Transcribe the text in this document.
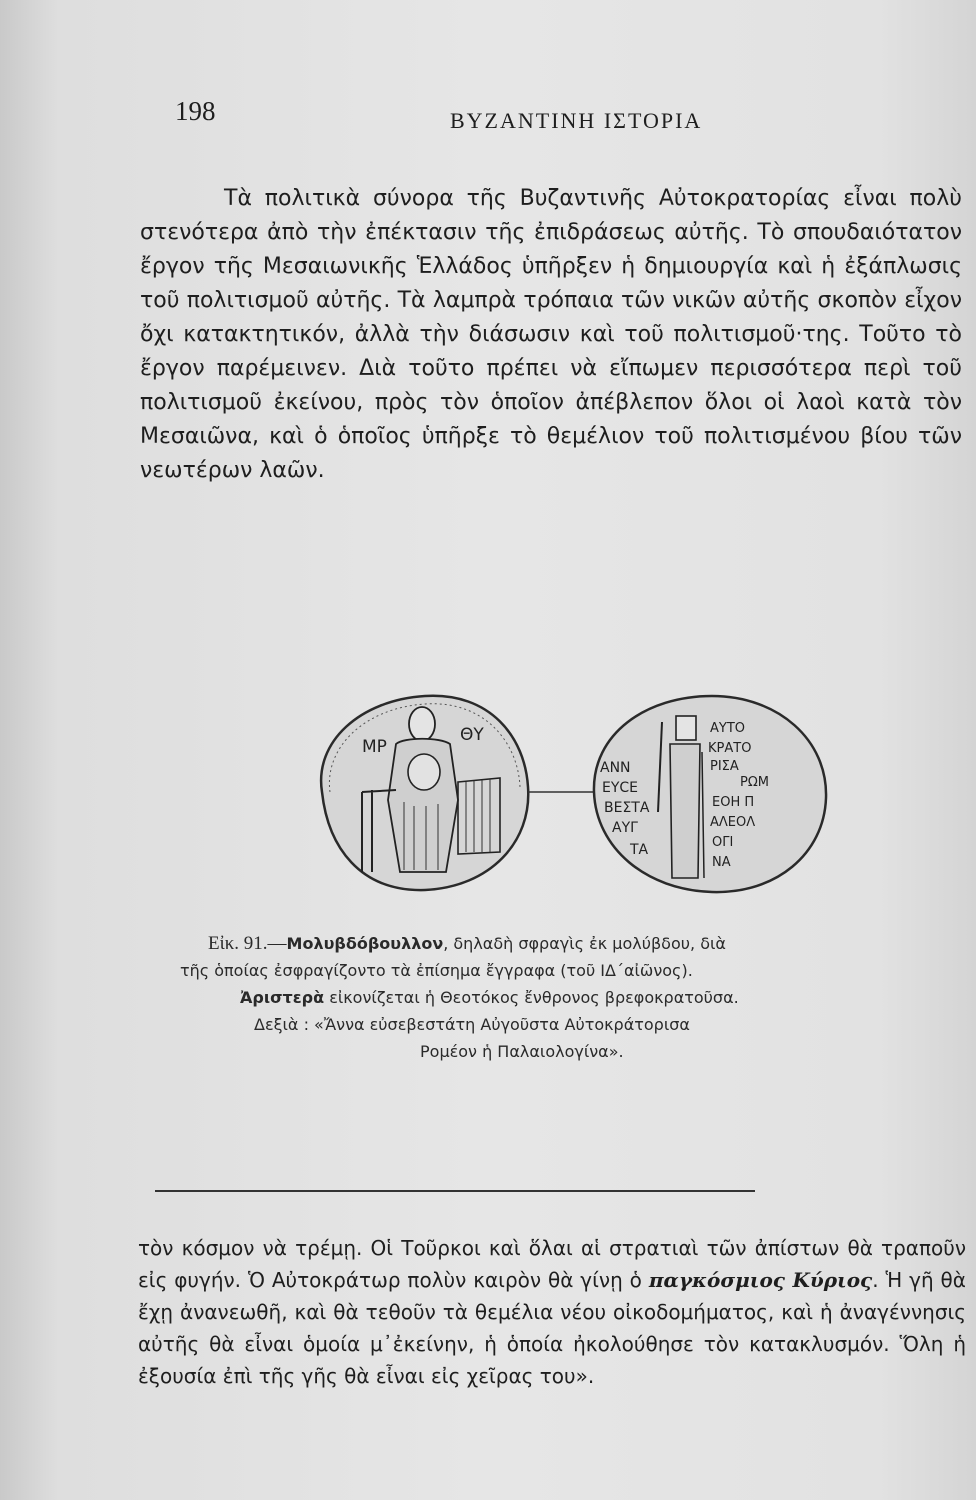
198	ΒΥΖΑΝΤΙΝΗ ΙΣΤΟΡΙΑ

Τὰ πολιτικὰ σύνορα τῆς Βυζαντινῆς Αὐτοκρατορίας εἶναι πολὺ στενότερα ἀπὸ τὴν ἐπέκτασιν τῆς ἐπιδράσεως αὐτῆς. Τὸ σπουδαιότατον ἔργον τῆς Μεσαιωνικῆς Ἑλλάδος ὑπῆρξεν ἡ δημιουργία καὶ ἡ ἐξάπλωσις τοῦ πολιτισμοῦ αὐτῆς. Τὰ λαμπρὰ τρόπαια τῶν νικῶν αὐτῆς σκοπὸν εἶχον ὄχι κατακτητικόν, ἀλλὰ τὴν διάσωσιν καὶ τοῦ πολιτισμοῦ·της. Τοῦτο τὸ ἔργον παρέμεινεν. Διὰ τοῦτο πρέπει νὰ εἴπωμεν περισσότερα περὶ τοῦ πολιτισμοῦ ἐκείνου, πρὸς τὸν ὁποῖον ἀπέβλεπον ὅλοι οἱ λαοὶ κατὰ τὸν Μεσαιῶνα, καὶ ὁ ὁποῖος ὑπῆρξε τὸ θεμέλιον τοῦ πολιτισμένου βίου τῶν νεωτέρων λαῶν.

ΜΡ
ΘΥ
ΑΝΝ
ΕΥCΕ
ΒΕΣΤΑ
ΑΥΓ
ΤΑ
ΑΥΤΟ
ΚΡΑΤΟ
ΡΙΣΑ
ΡΩΜ
ΕΟΗ Π
ΑΛΕΟΛ
ΟΓΙ
ΝΑ
Εἰκ. 91.—Μολυβδόβουλλον, δηλαδὴ σφραγὶς ἐκ μολύβδου, διὰ
τῆς ὁποίας ἐσφραγίζοντο τὰ ἐπίσημα ἔγγραφα (τοῦ ΙΔ´αἰῶνος).
Ἀριστερὰ εἰκονίζεται ἡ Θεοτόκος ἔνθρονος βρεφοκρατοῦσα.
Δεξιὰ : «Ἄννα εὐσεβεστάτη Αὐγοῦστα Αὐτοκράτορισα
Ρομέον ἡ Παλαιολογίνα».

τὸν κόσμον νὰ τρέμῃ. Οἱ Τοῦρκοι καὶ ὅλαι αἱ στρατιαὶ τῶν ἀπίστων θὰ τραποῦν εἰς φυγήν. Ὁ Αὐτοκράτωρ πολὺν καιρὸν θὰ γίνῃ ὁ παγκόσμιος Κύριος. Ἡ γῆ θὰ ἔχῃ ἀνανεωθῆ, καὶ θὰ τεθοῦν τὰ θεμέλια νέου οἰκοδομήματος, καὶ ἡ ἀναγέννησις αὐτῆς θὰ εἶναι ὁμοία μ᾽ἐκείνην, ἡ ὁποία ἠκολούθησε τὸν κατακλυσμόν. Ὅλη ἡ ἐξουσία ἐπὶ τῆς γῆς θὰ εἶναι εἰς χεῖρας του».
